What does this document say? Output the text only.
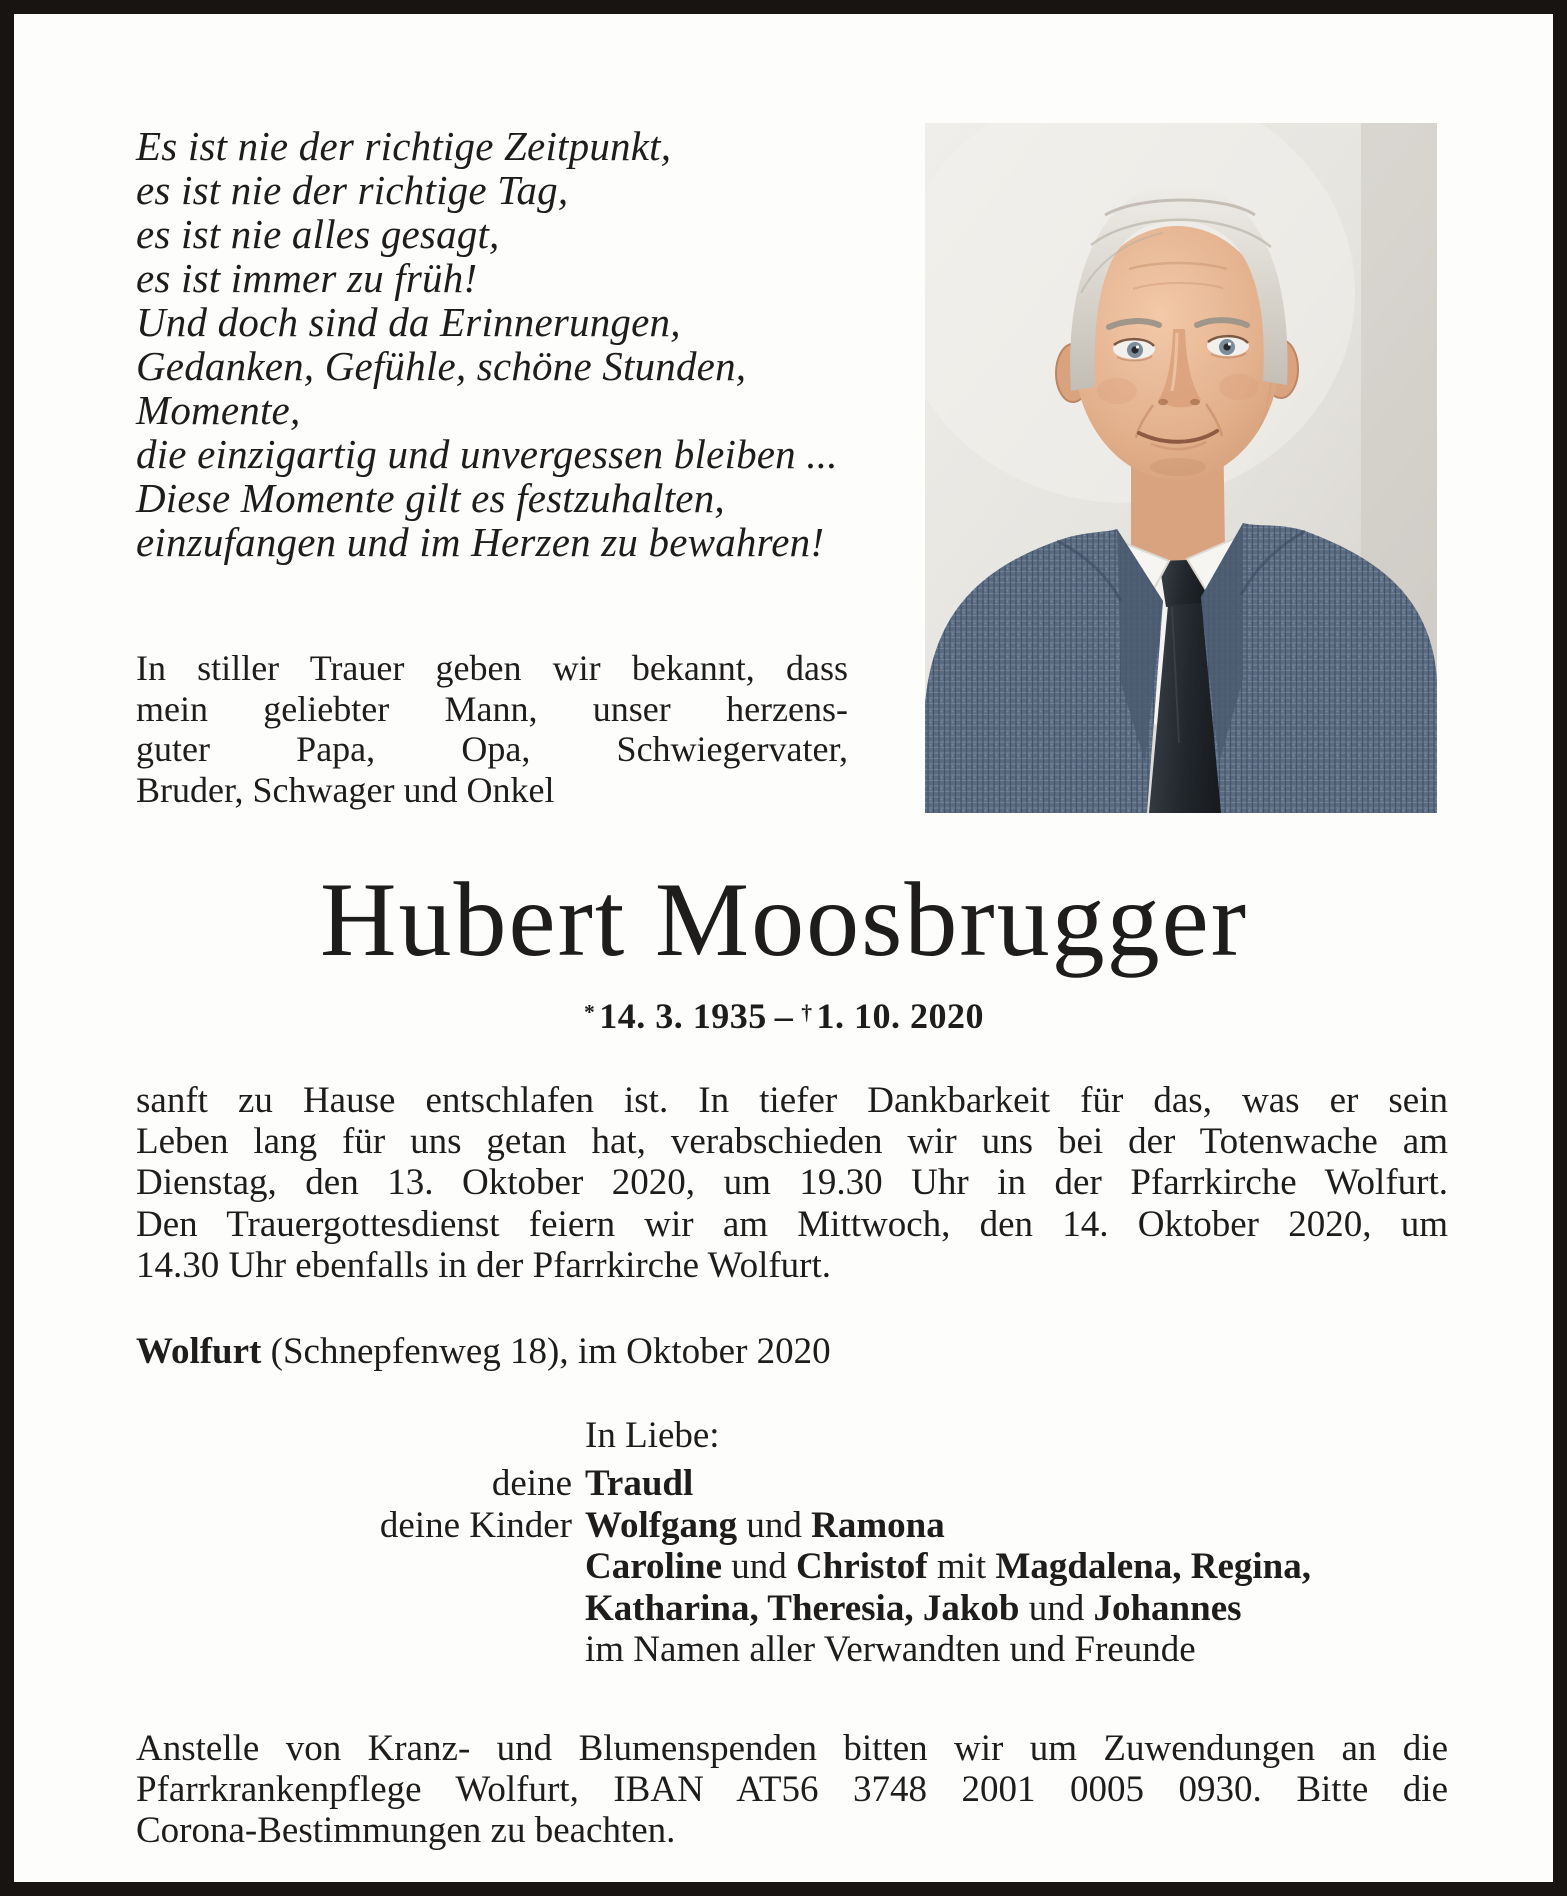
Es ist nie der richtige Zeitpunkt,
es ist nie der richtige Tag,
es ist nie alles gesagt,
es ist immer zu früh!
Und doch sind da Erinnerungen,
Gedanken, Gefühle, schöne Stunden,
Momente,
die einzigartig und unvergessen bleiben ...
Diese Momente gilt es festzuhalten,
einzufangen und im Herzen zu bewahren!
In stiller Trauer geben wir bekannt, dass
mein geliebter Mann, unser herzens-
guter Papa, Opa, Schwiegervater,
Bruder, Schwager und Onkel
Hubert Moosbrugger
* 14. 3. 1935 – † 1. 10. 2020
sanft zu Hause entschlafen ist. In tiefer Dankbarkeit für das, was er sein
Leben lang für uns getan hat, verabschieden wir uns bei der Totenwache am
Dienstag, den 13. Oktober 2020, um 19.30 Uhr in der Pfarrkirche Wolfurt.
Den Trauergottesdienst feiern wir am Mittwoch, den 14. Oktober 2020, um
14.30 Uhr ebenfalls in der Pfarrkirche Wolfurt.
Wolfurt (Schnepfenweg 18), im Oktober 2020
In Liebe:
deine Traudl
deine Kinder Wolfgang und Ramona
Caroline und Christof mit Magdalena, Regina,
Katharina, Theresia, Jakob und Johannes
im Namen aller Verwandten und Freunde
Anstelle von Kranz- und Blumenspenden bitten wir um Zuwendungen an die
Pfarrkrankenpflege Wolfurt, IBAN AT56 3748 2001 0005 0930. Bitte die
Corona-Bestimmungen zu beachten.
